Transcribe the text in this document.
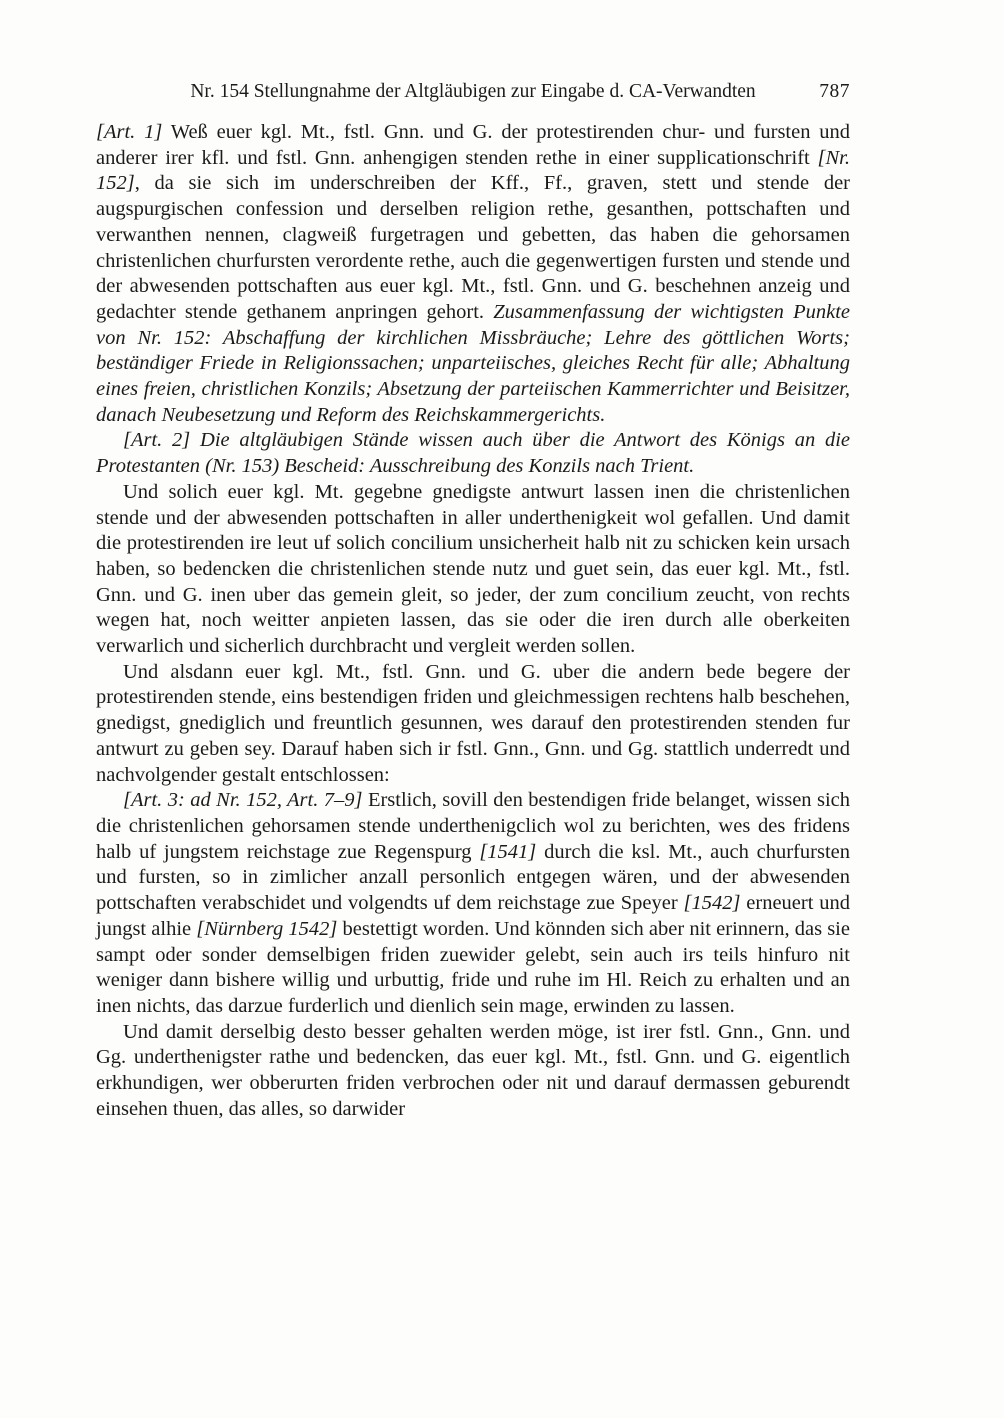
Nr. 154 Stellungnahme der Altgläubigen zur Eingabe d. CA-Verwandten	787

[Art. 1] Weß euer kgl. Mt., fstl. Gnn. und G. der protestirenden chur- und fursten und anderer irer kfl. und fstl. Gnn. anhengigen stenden rethe in einer supplicationschrift [Nr. 152], da sie sich im underschreiben der Kff., Ff., graven, stett und stende der augspurgischen confession und derselben religion rethe, gesanthen, pottschaften und verwanthen nennen, clagweiß furgetragen und gebetten, das haben die gehorsamen christenlichen churfursten verordente rethe, auch die gegenwertigen fursten und stende und der abwesenden pottschaften aus euer kgl. Mt., fstl. Gnn. und G. beschehnen anzeig und gedachter stende gethanem anpringen gehort. Zusammenfassung der wichtigsten Punkte von Nr. 152: Abschaffung der kirchlichen Missbräuche; Lehre des göttlichen Worts; beständiger Friede in Religionssachen; unparteiisches, gleiches Recht für alle; Abhaltung eines freien, christlichen Konzils; Absetzung der parteiischen Kammerrichter und Beisitzer, danach Neubesetzung und Reform des Reichskammergerichts.

[Art. 2] Die altgläubigen Stände wissen auch über die Antwort des Königs an die Protestanten (Nr. 153) Bescheid: Ausschreibung des Konzils nach Trient.

Und solich euer kgl. Mt. gegebne gnedigste antwurt lassen inen die christenlichen stende und der abwesenden pottschaften in aller underthenigkeit wol gefallen. Und damit die protestirenden ire leut uf solich concilium unsicherheit halb nit zu schicken kein ursach haben, so bedencken die christenlichen stende nutz und guet sein, das euer kgl. Mt., fstl. Gnn. und G. inen uber das gemein gleit, so jeder, der zum concilium zeucht, von rechts wegen hat, noch weitter anpieten lassen, das sie oder die iren durch alle oberkeiten verwarlich und sicherlich durchbracht und vergleit werden sollen.

Und alsdann euer kgl. Mt., fstl. Gnn. und G. uber die andern bede begere der protestirenden stende, eins bestendigen friden und gleichmessigen rechtens halb beschehen, gnedigst, gnediglich und freuntlich gesunnen, wes darauf den protestirenden stenden fur antwurt zu geben sey. Darauf haben sich ir fstl. Gnn., Gnn. und Gg. stattlich underredt und nachvolgender gestalt entschlossen:

[Art. 3: ad Nr. 152, Art. 7–9] Erstlich, sovill den bestendigen fride belanget, wissen sich die christenlichen gehorsamen stende underthenigclich wol zu berichten, wes des fridens halb uf jungstem reichstage zue Regenspurg [1541] durch die ksl. Mt., auch churfursten und fursten, so in zimlicher anzall personlich entgegen wären, und der abwesenden pottschaften verabschidet und volgendts uf dem reichstage zue Speyer [1542] erneuert und jungst alhie [Nürnberg 1542] bestettigt worden. Und könnden sich aber nit erinnern, das sie sampt oder sonder demselbigen friden zuewider gelebt, sein auch irs teils hinfuro nit weniger dann bishere willig und urbuttig, fride und ruhe im Hl. Reich zu erhalten und an inen nichts, das darzue furderlich und dienlich sein mage, erwinden zu lassen.

Und damit derselbig desto besser gehalten werden möge, ist irer fstl. Gnn., Gnn. und Gg. underthenigster rathe und bedencken, das euer kgl. Mt., fstl. Gnn. und G. eigentlich erkhundigen, wer obberurten friden verbrochen oder nit und darauf dermassen geburendt einsehen thuen, das alles, so darwider
